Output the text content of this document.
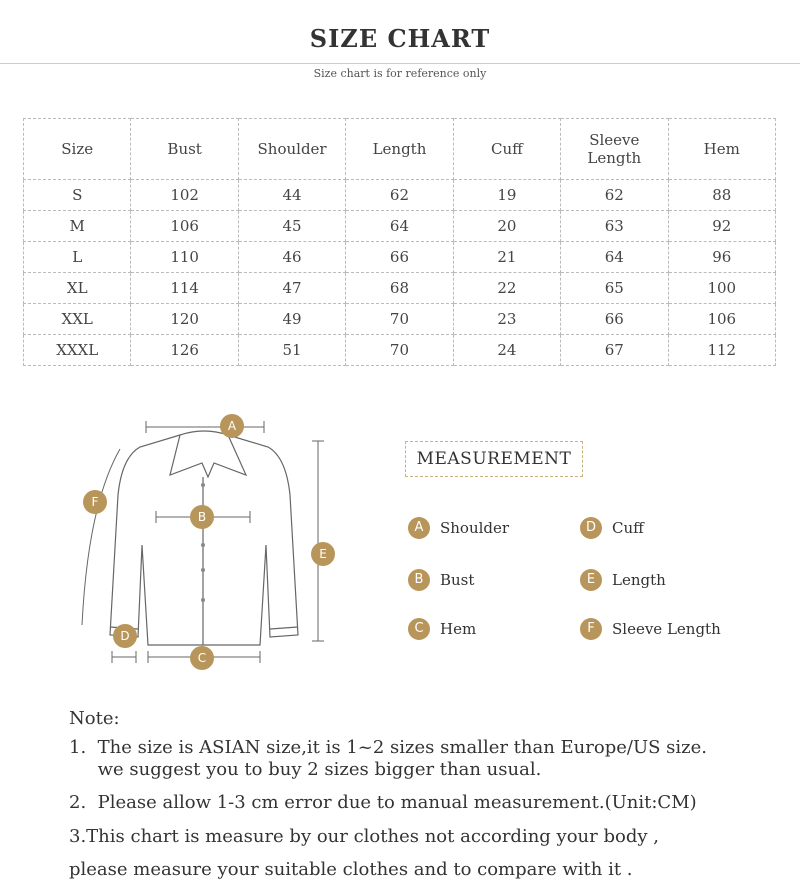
SIZE CHART
Size chart is for reference only
Size	Bust	Shoulder	Length	Cuff	Sleeve Length	Hem
S	102	44	62	19	62	88
M	106	45	64	20	63	92
L	110	46	66	21	64	96
XL	114	47	68	22	65	100
XXL	120	49	70	23	66	106
XXXL	126	51	70	24	67	112
A
B
C
D
E
F
MEASUREMENT
A	Shoulder
B	Bust
C	Hem
D	Cuff
E	Length
F	Sleeve Length
Note:
1.  The size is ASIAN size,it is 1~2 sizes smaller than Europe/US size.
we suggest you to buy 2 sizes bigger than usual.
2.  Please allow 1-3 cm error due to manual measurement.(Unit:CM)
3.This chart is measure by our clothes not according your body ,
please measure your suitable clothes and to compare with it .
